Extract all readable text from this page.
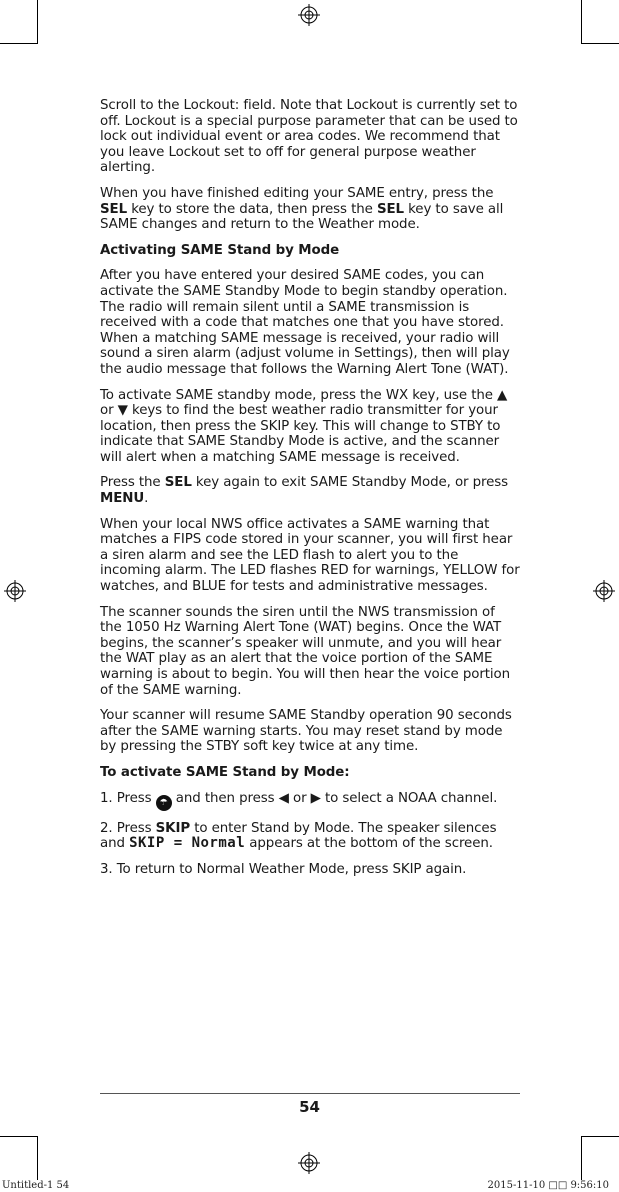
Scroll to the Lockout: field. Note that Lockout is currently set to off. Lockout is a special purpose parameter that can be used to lock out individual event or area codes. We recommend that you leave Lockout set to off for general purpose weather alerting.

When you have finished editing your SAME entry, press the SEL key to store the data, then press the SEL key to save all SAME changes and return to the Weather mode.

Activating SAME Stand by Mode

After you have entered your desired SAME codes, you can activate the SAME Standby Mode to begin standby operation. The radio will remain silent until a SAME transmission is received with a code that matches one that you have stored. When a matching SAME message is received, your radio will sound a siren alarm (adjust volume in Settings), then will play the audio message that follows the Warning Alert Tone (WAT).

To activate SAME standby mode, press the WX key, use the ▲ or ▼ keys to find the best weather radio transmitter for your location, then press the SKIP key. This will change to STBY to indicate that SAME Standby Mode is active, and the scanner will alert when a matching SAME message is received.

Press the SEL key again to exit SAME Standby Mode, or press MENU.

When your local NWS office activates a SAME warning that matches a FIPS code stored in your scanner, you will first hear a siren alarm and see the LED flash to alert you to the incoming alarm. The LED flashes RED for warnings, YELLOW for watches, and BLUE for tests and administrative messages.

The scanner sounds the siren until the NWS transmission of the 1050 Hz Warning Alert Tone (WAT) begins. Once the WAT begins, the scanner’s speaker will unmute, and you will hear the WAT play as an alert that the voice portion of the SAME warning is about to begin. You will then hear the voice portion of the SAME warning.

Your scanner will resume SAME Standby operation 90 seconds after the SAME warning starts. You may reset stand by mode by pressing the STBY soft key twice at any time.

To activate SAME Stand by Mode:

1. Press ☂ and then press ◀ or ▶ to select a NOAA channel.

2. Press SKIP to enter Stand by Mode. The speaker silences and SKIP = Normal appears at the bottom of the screen.

3. To return to Normal Weather Mode, press SKIP again.

54
Untitled-1 54	2015-11-10 □□ 9:56:10
